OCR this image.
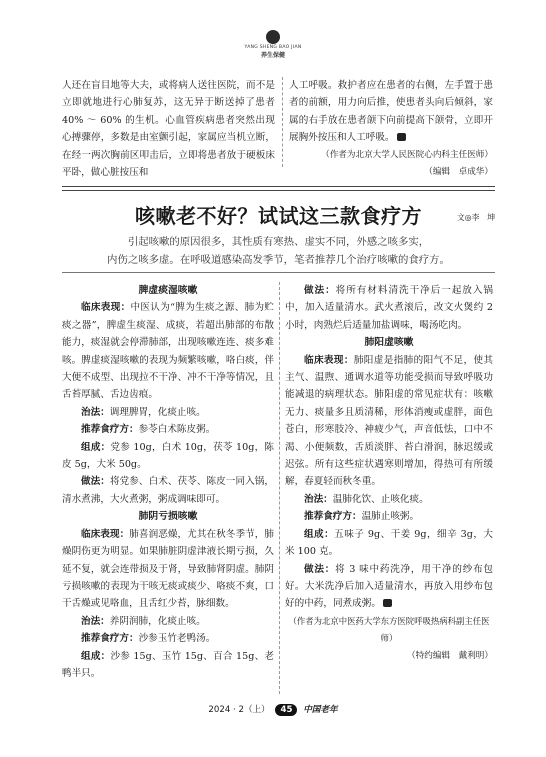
YANG SHENG BAO JIAN
养生保健

人还在盲目地等大夫，或将病人送往医院，而不是立即就地进行心肺复苏，这无异于断送掉了患者 40% ～ 60% 的生机。心血管疾病患者突然出现心搏骤停，多数是由室颤引起，家属应当机立断，在经一两次胸前区叩击后，立即将患者放于硬板床平卧，做心脏按压和

人工呼吸。救护者应在患者的右侧，左手置于患者的前额，用力向后推，使患者头向后倾斜，家属的右手放在患者颌下向前提高下颌骨，立即开展胸外按压和人工呼吸。

（作者为北京大学人民医院心内科主任医师）

（编辑　卓成华）

咳嗽老不好？试试这三款食疗方	文◎李　坤
引起咳嗽的原因很多，其性质有寒热、虚实不同，外感之咳多实，
内伤之咳多虚。在呼吸道感染高发季节，笔者推荐几个治疗咳嗽的食疗方。

脾虚痰湿咳嗽

临床表现：中医认为“脾为生痰之源、肺为贮痰之器”，脾虚生痰湿、成痰，若超出肺部的布散能力，痰湿就会停滞肺部，出现咳嗽连连、痰多难咳。脾虚痰湿咳嗽的表现为频繁咳嗽，咯白痰，伴大便不成型、出现拉不干净、冲不干净等情况，且舌苔厚腻、舌边齿痕。

治法：调理脾胃，化痰止咳。

推荐食疗方：参苓白术陈皮粥。

组成：党参 10g，白术 10g，茯苓 10g，陈皮 5g，大米 50g。

做法：将党参、白术、茯苓、陈皮一同入锅，清水煮沸，大火煮粥，粥成调味即可。

肺阴亏损咳嗽

临床表现：肺喜润恶燥，尤其在秋冬季节，肺燥阴伤更为明显。如果肺脏阴虚津液长期亏损，久延不复，就会连带损及于肾，导致肺肾阴虚。肺阴亏损咳嗽的表现为干咳无痰或痰少、咯痰不爽，口干舌燥或见咯血，且舌红少苔，脉细数。

治法：养阴润肺，化痰止咳。

推荐食疗方：沙参玉竹老鸭汤。

组成：沙参 15g、玉竹 15g、百合 15g、老鸭半只。

做法：将所有材料清洗干净后一起放入锅中，加入适量清水。武火煮滚后，改文火煲约 2 小时，肉熟烂后适量加盐调味，喝汤吃肉。

肺阳虚咳嗽

临床表现：肺阳虚是指肺的阳气不足，使其主气、温煦、通调水道等功能受损而导致呼吸功能减退的病理状态。肺阳虚的常见症状有：咳嗽无力、痰量多且质清稀，形体消瘦或虚胖，面色苍白，形寒肢冷、神疲少气，声音低怯，口中不渴、小便频数，舌质淡胖、苔白滑润，脉迟缓或迟弦。所有这些症状遇寒则增加，得热可有所缓解，春夏轻而秋冬重。

治法：温肺化饮、止咳化痰。

推荐食疗方：温肺止咳粥。

组成：五味子 9g、干姜 9g，细辛 3g，大米 100 克。

做法：将 3 味中药洗净，用干净的纱布包好。大米洗净后加入适量清水，再放入用纱布包好的中药，同煮成粥。

（作者为北京中医药大学东方医院呼吸热病科副主任医师）

（特约编辑　戴利明）

2024 · 2（上） 45 中国老年
